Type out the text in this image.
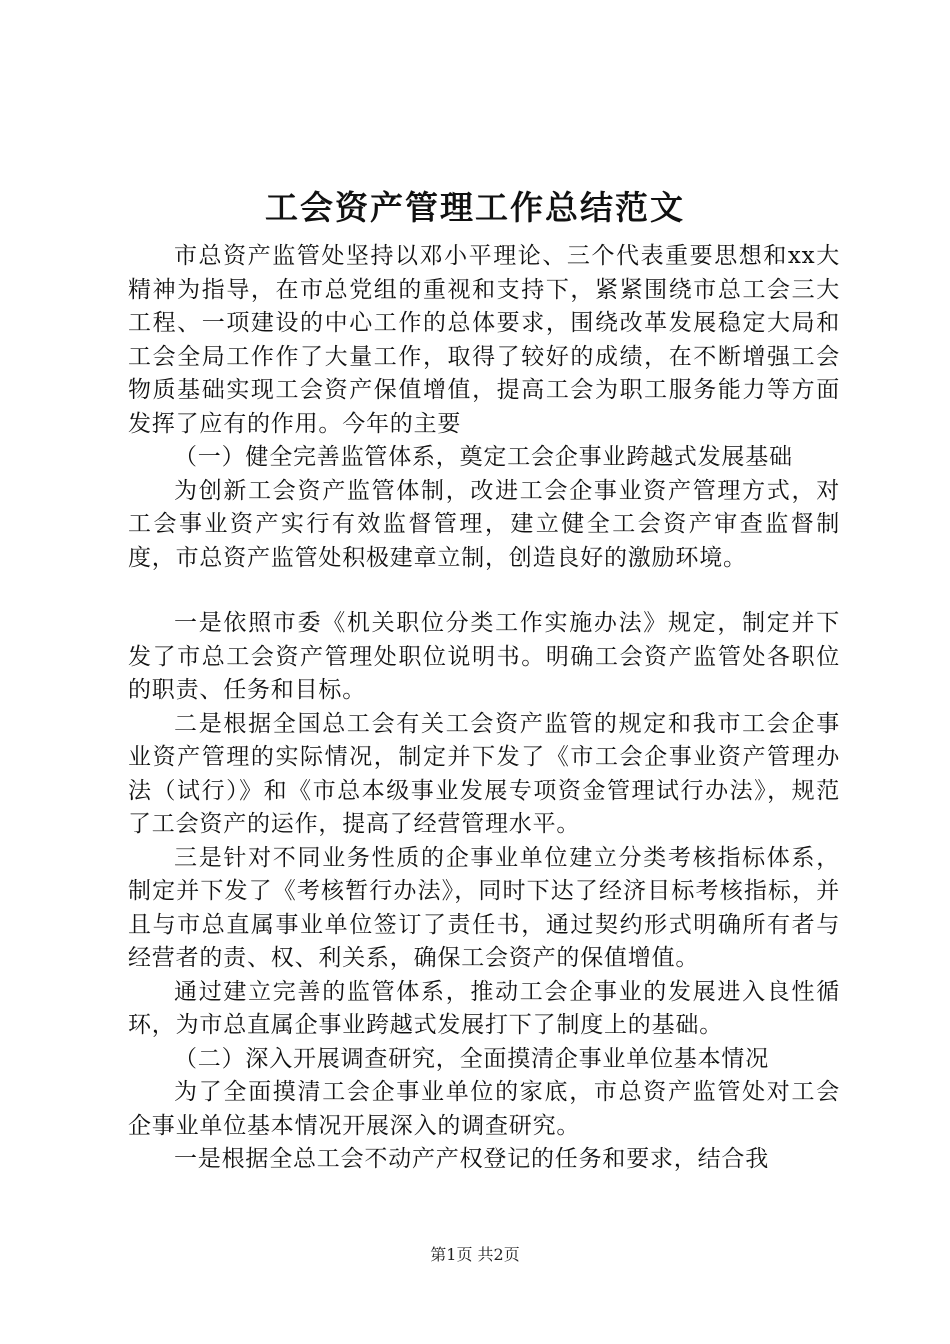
工会资产管理工作总结范文

市总资产监管处坚持以邓小平理论、三个代表重要思想和xx大精神为指导，在市总党组的重视和支持下，紧紧围绕市总工会三大工程、一项建设的中心工作的总体要求，围绕改革发展稳定大局和工会全局工作作了大量工作，取得了较好的成绩，在不断增强工会物质基础实现工会资产保值增值，提高工会为职工服务能力等方面发挥了应有的作用。今年的主要

（一）健全完善监管体系，奠定工会企事业跨越式发展基础

为创新工会资产监管体制，改进工会企事业资产管理方式，对工会事业资产实行有效监督管理，建立健全工会资产审查监督制度，市总资产监管处积极建章立制，创造良好的激励环境。

一是依照市委《机关职位分类工作实施办法》规定，制定并下发了市总工会资产管理处职位说明书。明确工会资产监管处各职位的职责、任务和目标。

二是根据全国总工会有关工会资产监管的规定和我市工会企事业资产管理的实际情况，制定并下发了《市工会企事业资产管理办法（试行）》和《市总本级事业发展专项资金管理试行办法》，规范了工会资产的运作，提高了经营管理水平。

三是针对不同业务性质的企事业单位建立分类考核指标体系，制定并下发了《考核暂行办法》，同时下达了经济目标考核指标，并且与市总直属事业单位签订了责任书，通过契约形式明确所有者与经营者的责、权、利关系，确保工会资产的保值增值。

通过建立完善的监管体系，推动工会企事业的发展进入良性循环，为市总直属企事业跨越式发展打下了制度上的基础。

（二）深入开展调查研究，全面摸清企事业单位基本情况

为了全面摸清工会企事业单位的家底，市总资产监管处对工会企事业单位基本情况开展深入的调查研究。

一是根据全总工会不动产产权登记的任务和要求，结合我

第1页 共2页
